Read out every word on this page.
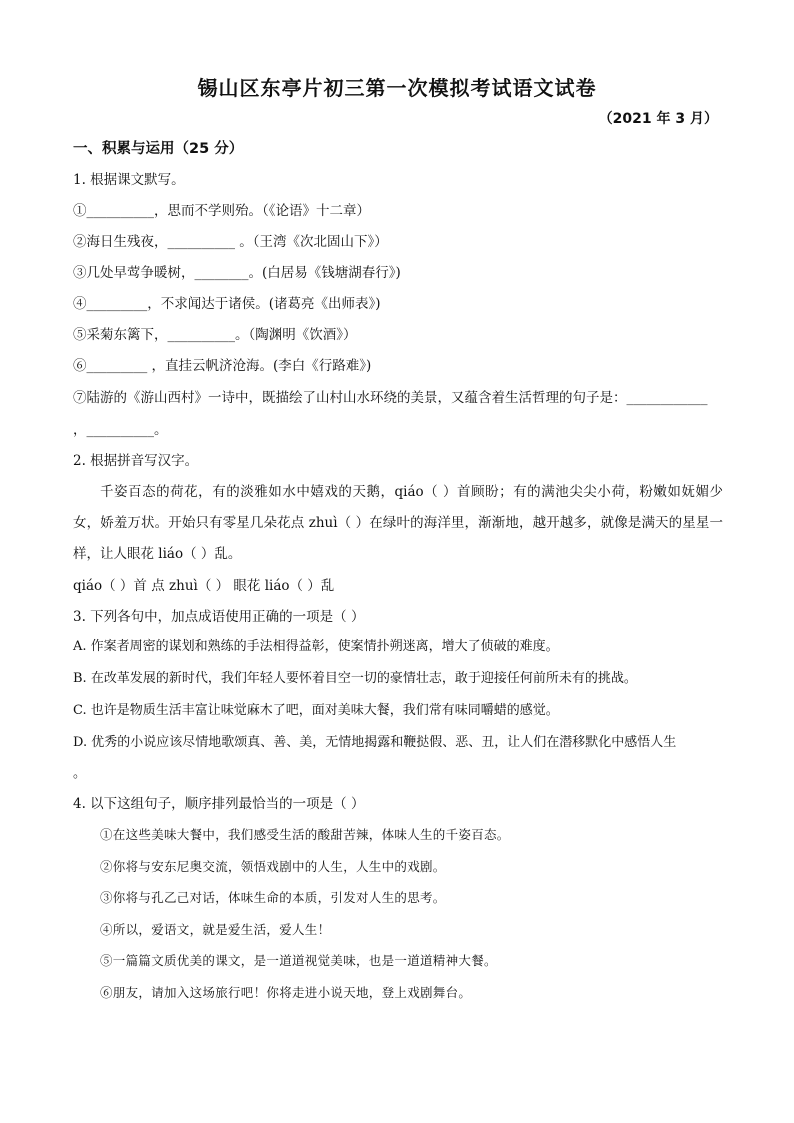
锡山区东亭片初三第一次模拟考试语文试卷
（2021 年 3 月）
一、积累与运用（25 分）
1. 根据课文默写。
①__________，思而不学则殆。（《论语》十二章）
②海日生残夜，__________ 。（王湾《次北固山下》）
③几处早莺争暖树，________。(白居易《钱塘湖春行》)
④_________，不求闻达于诸侯。(诸葛亮《出师表》)
⑤采菊东篱下，__________。（陶渊明《饮酒》）
⑥_________ ，直挂云帆济沧海。(李白《行路难》)
⑦陆游的《游山西村》一诗中，既描绘了山村山水环绕的美景，又蕴含着生活哲理的句子是：____________
，__________。
2. 根据拼音写汉字。
千姿百态的荷花，有的淡雅如水中嬉戏的天鹅，qiáo（ ）首顾盼；有的满池尖尖小荷，粉嫩如妩媚少女，娇羞万状。开始只有零星几朵花点 zhuì（ ）在绿叶的海洋里，渐渐地，越开越多，就像是满天的星星一样，让人眼花 liáo（ ）乱。
qiáo（ ）首 点 zhuì（ ） 眼花 liáo（ ）乱
3. 下列各句中，加点成语使用正确的一项是（ ）
A. 作案者周密的谋划和熟练的手法相得益彰，使案情扑朔迷离，增大了侦破的难度。
B. 在改革发展的新时代，我们年轻人要怀着目空一切的豪情壮志，敢于迎接任何前所未有的挑战。
C. 也许是物质生活丰富让味觉麻木了吧，面对美味大餐，我们常有味同嚼蜡的感觉。
D. 优秀的小说应该尽情地歌颂真、善、美，无情地揭露和鞭挞假、恶、丑，让人们在潜移默化中感悟人生
。
4. 以下这组句子，顺序排列最恰当的一项是（ ）
①在这些美味大餐中，我们感受生活的酸甜苦辣，体味人生的千姿百态。
②你将与安东尼奥交流，领悟戏剧中的人生，人生中的戏剧。
③你将与孔乙己对话，体味生命的本质，引发对人生的思考。
④所以，爱语文，就是爱生活，爱人生！
⑤一篇篇文质优美的课文，是一道道视觉美味，也是一道道精神大餐。
⑥朋友，请加入这场旅行吧！你将走进小说天地，登上戏剧舞台。
